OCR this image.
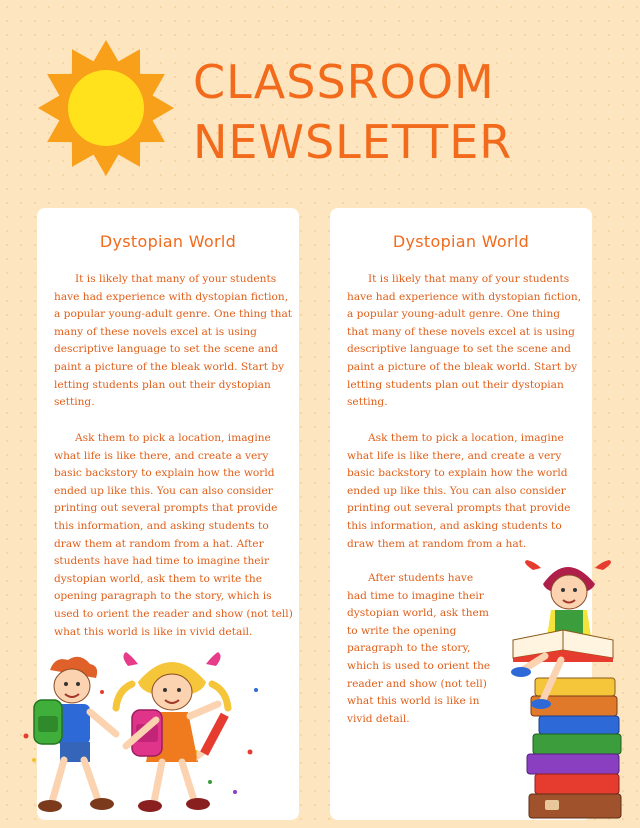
CLASSROOM
NEWSLETTER
Dystopian World
It is likely that many of your students
have had experience with dystopian fiction,
a popular young-adult genre. One thing that
many of these novels excel at is using
descriptive language to set the scene and
paint a picture of the bleak world. Start by
letting students plan out their dystopian
setting.
Ask them to pick a location, imagine
what life is like there, and create a very
basic backstory to explain how the world
ended up like this. You can also consider
printing out several prompts that provide
this information, and asking students to
draw them at random from a hat. After
students have had time to imagine their
dystopian world, ask them to write the
opening paragraph to the story, which is
used to orient the reader and show (not tell)
what this world is like in vivid detail.
Dystopian World
It is likely that many of your students
have had experience with dystopian fiction,
a popular young-adult genre. One thing
that many of these novels excel at is using
descriptive language to set the scene and
paint a picture of the bleak world. Start by
letting students plan out their dystopian
setting.
Ask them to pick a location, imagine
what life is like there, and create a very
basic backstory to explain how the world
ended up like this. You can also consider
printing out several prompts that provide
this information, and asking students to
draw them at random from a hat.
After students have
had time to imagine their
dystopian world, ask them
to write the opening
paragraph to the story,
which is used to orient the
reader and show (not tell)
what this world is like in
vivid detail.
